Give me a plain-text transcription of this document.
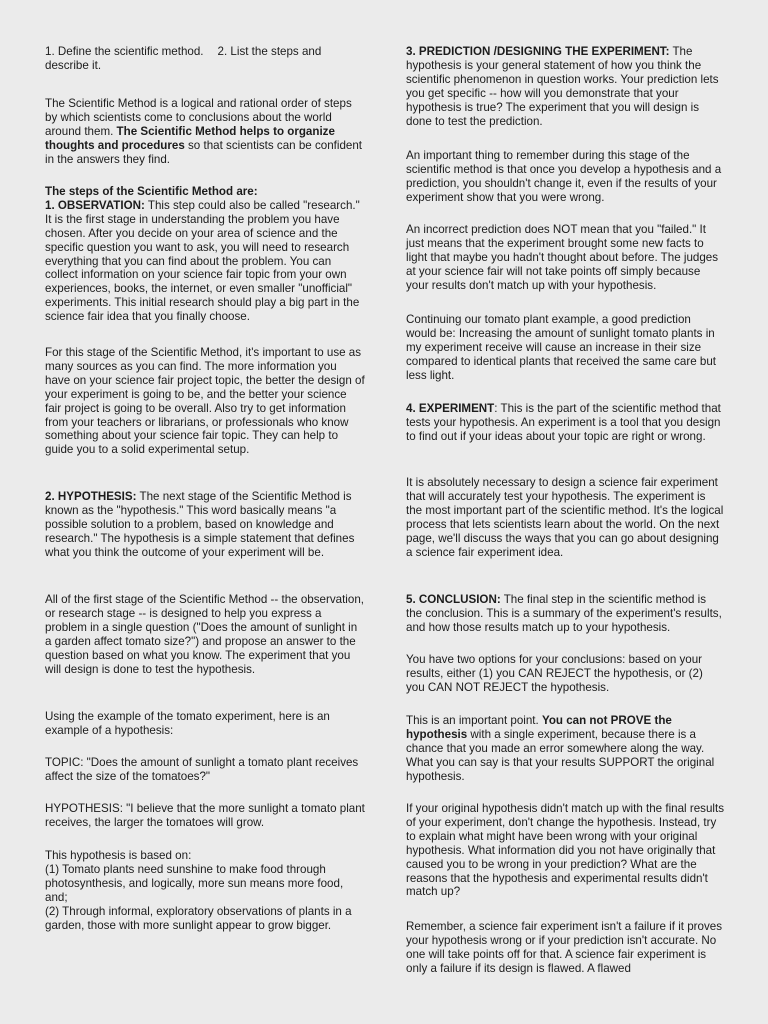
1. Define the scientific method. 2. List the steps and describe it.

The Scientific Method is a logical and rational order of steps by which scientists come to conclusions about the world around them. The Scientific Method helps to organize thoughts and procedures so that scientists can be confident in the answers they find.

The steps of the Scientific Method are:
1. OBSERVATION: This step could also be called "research." It is the first stage in understanding the problem you have chosen. After you decide on your area of science and the specific question you want to ask, you will need to research everything that you can find about the problem. You can collect information on your science fair topic from your own experiences, books, the internet, or even smaller "unofficial" experiments. This initial research should play a big part in the science fair idea that you finally choose.

For this stage of the Scientific Method, it's important to use as many sources as you can find. The more information you have on your science fair project topic, the better the design of your experiment is going to be, and the better your science fair project is going to be overall. Also try to get information from your teachers or librarians, or professionals who know something about your science fair topic. They can help to guide you to a solid experimental setup.

2. HYPOTHESIS: The next stage of the Scientific Method is known as the "hypothesis." This word basically means "a possible solution to a problem, based on knowledge and research." The hypothesis is a simple statement that defines what you think the outcome of your experiment will be.

All of the first stage of the Scientific Method -- the observation, or research stage -- is designed to help you express a problem in a single question ("Does the amount of sunlight in a garden affect tomato size?") and propose an answer to the question based on what you know. The experiment that you will design is done to test the hypothesis.

Using the example of the tomato experiment, here is an example of a hypothesis:

TOPIC: "Does the amount of sunlight a tomato plant receives affect the size of the tomatoes?"

HYPOTHESIS: "I believe that the more sunlight a tomato plant receives, the larger the tomatoes will grow.

This hypothesis is based on:
(1) Tomato plants need sunshine to make food through photosynthesis, and logically, more sun means more food, and;
(2) Through informal, exploratory observations of plants in a garden, those with more sunlight appear to grow bigger.

3. PREDICTION /DESIGNING THE EXPERIMENT: The hypothesis is your general statement of how you think the scientific phenomenon in question works. Your prediction lets you get specific -- how will you demonstrate that your hypothesis is true? The experiment that you will design is done to test the prediction.

An important thing to remember during this stage of the scientific method is that once you develop a hypothesis and a prediction, you shouldn't change it, even if the results of your experiment show that you were wrong.

An incorrect prediction does NOT mean that you "failed." It just means that the experiment brought some new facts to light that maybe you hadn't thought about before. The judges at your science fair will not take points off simply because your results don't match up with your hypothesis.

Continuing our tomato plant example, a good prediction would be: Increasing the amount of sunlight tomato plants in my experiment receive will cause an increase in their size compared to identical plants that received the same care but less light.

4. EXPERIMENT: This is the part of the scientific method that tests your hypothesis. An experiment is a tool that you design to find out if your ideas about your topic are right or wrong.

It is absolutely necessary to design a science fair experiment that will accurately test your hypothesis. The experiment is the most important part of the scientific method. It's the logical process that lets scientists learn about the world. On the next page, we'll discuss the ways that you can go about designing a science fair experiment idea.

5. CONCLUSION: The final step in the scientific method is the conclusion. This is a summary of the experiment's results, and how those results match up to your hypothesis.

You have two options for your conclusions: based on your results, either (1) you CAN REJECT the hypothesis, or (2) you CAN NOT REJECT the hypothesis.

This is an important point. You can not PROVE the hypothesis with a single experiment, because there is a chance that you made an error somewhere along the way. What you can say is that your results SUPPORT the original hypothesis.

If your original hypothesis didn't match up with the final results of your experiment, don't change the hypothesis. Instead, try to explain what might have been wrong with your original hypothesis. What information did you not have originally that caused you to be wrong in your prediction? What are the reasons that the hypothesis and experimental results didn't match up?

Remember, a science fair experiment isn't a failure if it proves your hypothesis wrong or if your prediction isn't accurate. No one will take points off for that. A science fair experiment is only a failure if its design is flawed. A flawed
